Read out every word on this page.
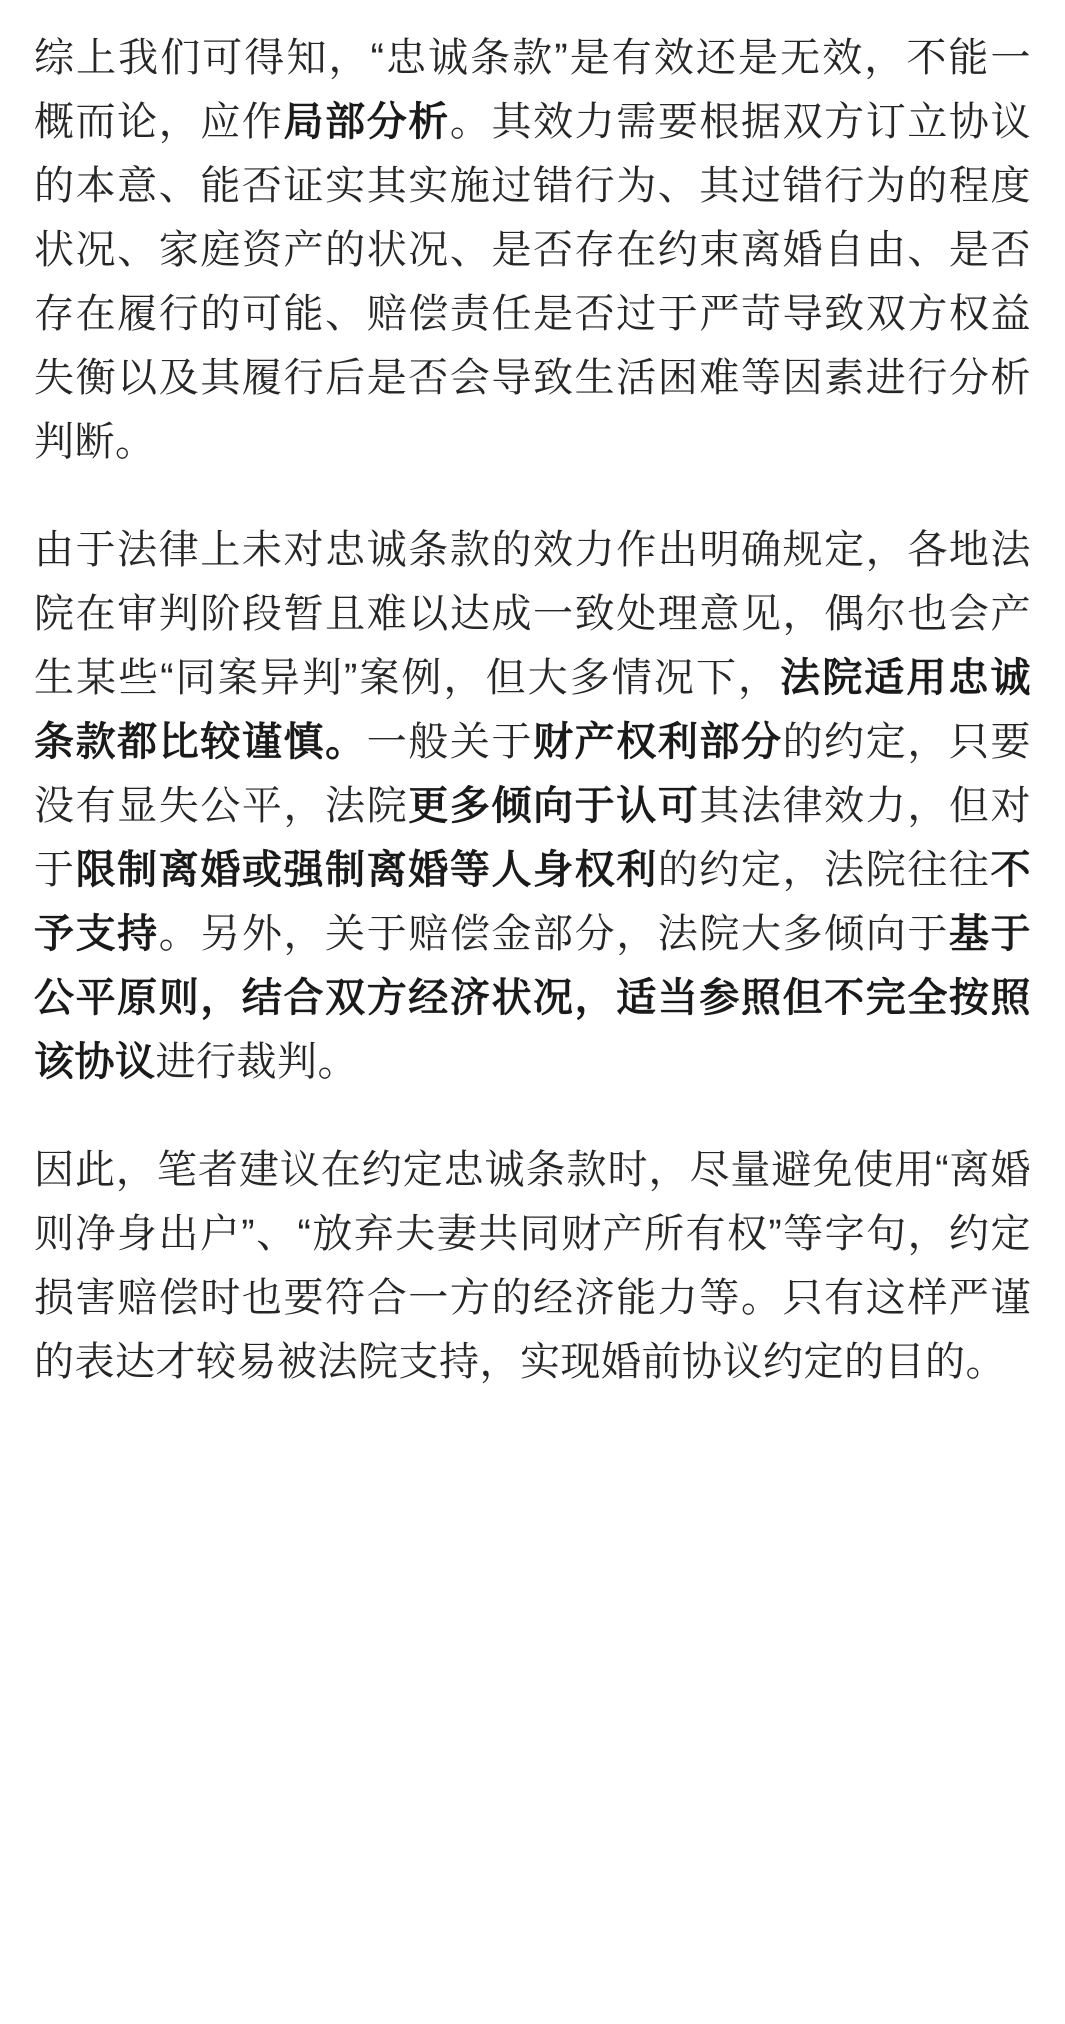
综上我们可得知，“忠诚条款”是有效还是无效，不能一概而论，应作局部分析。其效力需要根据双方订立协议的本意、能否证实其实施过错行为、其过错行为的程度状况、家庭资产的状况、是否存在约束离婚自由、是否存在履行的可能、赔偿责任是否过于严苛导致双方权益失衡以及其履行后是否会导致生活困难等因素进行分析判断。

由于法律上未对忠诚条款的效力作出明确规定，各地法院在审判阶段暂且难以达成一致处理意见，偶尔也会产生某些“同案异判”案例，但大多情况下，法院适用忠诚条款都比较谨慎。一般关于财产权利部分的约定，只要没有显失公平，法院更多倾向于认可其法律效力，但对于限制离婚或强制离婚等人身权利的约定，法院往往不予支持。另外，关于赔偿金部分，法院大多倾向于基于公平原则，结合双方经济状况，适当参照但不完全按照该协议进行裁判。

因此，笔者建议在约定忠诚条款时，尽量避免使用“离婚则净身出户”、“放弃夫妻共同财产所有权”等字句，约定损害赔偿时也要符合一方的经济能力等。只有这样严谨的表达才较易被法院支持，实现婚前协议约定的目的。
